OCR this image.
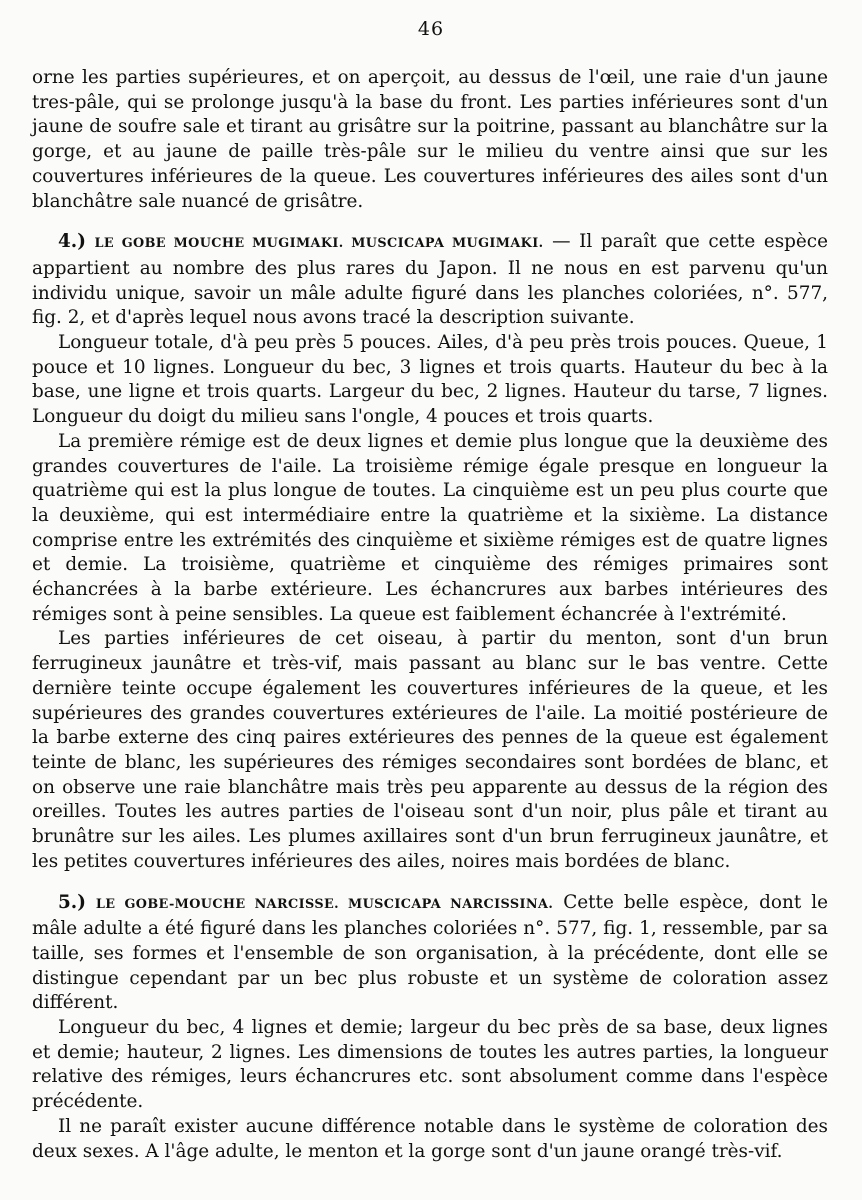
46

orne les parties supérieures, et on aperçoit, au dessus de l'œil, une raie d'un jaune tres-pâle, qui se prolonge jusqu'à la base du front. Les parties inférieures sont d'un jaune de soufre sale et tirant au grisâtre sur la poitrine, passant au blanchâtre sur la gorge, et au jaune de paille très-pâle sur le milieu du ventre ainsi que sur les couvertures inférieures de la queue. Les couvertures inférieures des ailes sont d'un blanchâtre sale nuancé de grisâtre.

4.) LE GOBE MOUCHE MUGIMAKI. MUSCICAPA MUGIMAKI. — Il paraît que cette espèce appartient au nombre des plus rares du Japon. Il ne nous en est parvenu qu'un individu unique, savoir un mâle adulte figuré dans les planches coloriées, n°. 577, fig. 2, et d'après lequel nous avons tracé la description suivante.

Longueur totale, d'à peu près 5 pouces. Ailes, d'à peu près trois pouces. Queue, 1 pouce et 10 lignes. Longueur du bec, 3 lignes et trois quarts. Hauteur du bec à la base, une ligne et trois quarts. Largeur du bec, 2 lignes. Hauteur du tarse, 7 lignes. Longueur du doigt du milieu sans l'ongle, 4 pouces et trois quarts.

La première rémige est de deux lignes et demie plus longue que la deuxième des grandes couvertures de l'aile. La troisième rémige égale presque en longueur la quatrième qui est la plus longue de toutes. La cinquième est un peu plus courte que la deuxième, qui est intermédiaire entre la quatrième et la sixième. La distance comprise entre les extrémités des cinquième et sixième rémiges est de quatre lignes et demie. La troisième, quatrième et cinquième des rémiges primaires sont échancrées à la barbe extérieure. Les échancrures aux barbes intérieures des rémiges sont à peine sensibles. La queue est faiblement échancrée à l'extrémité.

Les parties inférieures de cet oiseau, à partir du menton, sont d'un brun ferrugineux jaunâtre et très-vif, mais passant au blanc sur le bas ventre. Cette dernière teinte occupe également les couvertures inférieures de la queue, et les supérieures des grandes couvertures extérieures de l'aile. La moitié postérieure de la barbe externe des cinq paires extérieures des pennes de la queue est également teinte de blanc, les supérieures des rémiges secondaires sont bordées de blanc, et on observe une raie blanchâtre mais très peu apparente au dessus de la région des oreilles. Toutes les autres parties de l'oiseau sont d'un noir, plus pâle et tirant au brunâtre sur les ailes. Les plumes axillaires sont d'un brun ferrugineux jaunâtre, et les petites couvertures inférieures des ailes, noires mais bordées de blanc.

5.) LE GOBE-MOUCHE NARCISSE. MUSCICAPA NARCISSINA. Cette belle espèce, dont le mâle adulte a été figuré dans les planches coloriées n°. 577, fig. 1, ressemble, par sa taille, ses formes et l'ensemble de son organisation, à la précédente, dont elle se distingue cependant par un bec plus robuste et un système de coloration assez différent.

Longueur du bec, 4 lignes et demie; largeur du bec près de sa base, deux lignes et demie; hauteur, 2 lignes. Les dimensions de toutes les autres parties, la longueur relative des rémiges, leurs échancrures etc. sont absolument comme dans l'espèce précédente.

Il ne paraît exister aucune différence notable dans le système de coloration des deux sexes. A l'âge adulte, le menton et la gorge sont d'un jaune orangé très-vif.
